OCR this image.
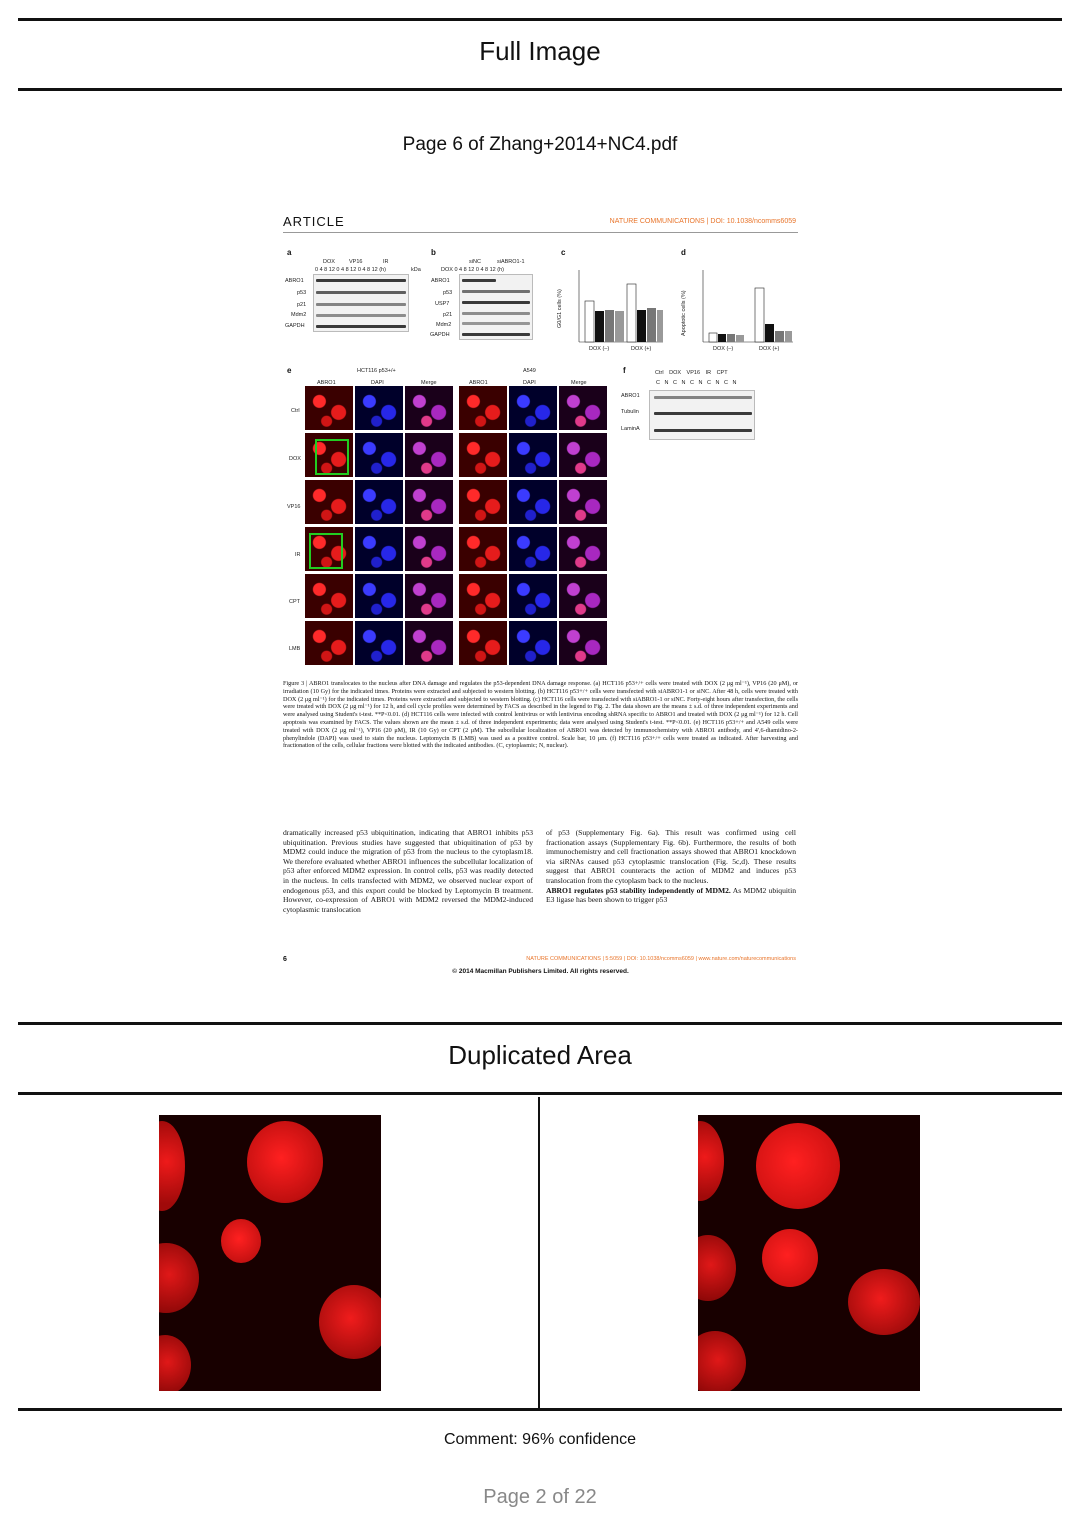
Full Image
Page 6 of Zhang+2014+NC4.pdf
ARTICLE	NATURE COMMUNICATIONS | DOI: 10.1038/ncomms6059
a
DOX	VP16	IR
0 4 8 12 0 4 8 12 0 4 8 12 (h)	kDa
ABRO1
p53
p21
Mdm2
GAPDH
b
siNC	siABRO1-1
DOX 0 4 8 12 0 4 8 12 (h)
ABRO1
p53
USP7
p21
Mdm2
GAPDH
c
G0/G1 cells (%)
DOX (–)	DOX (+)
d
Apoptotic cells (%)
DOX (–)	DOX (+)
e	HCT116 p53+/+	A549
ABRO1	DAPI	Merge	ABRO1	DAPI	Merge
Ctrl
DOX
VP16
IR
CPT
LMB
f	Ctrl DOX VP16 IR CPT
C N C N C N C N C N
ABRO1
Tubulin
LaminA
Figure 3 | ABRO1 translocates to the nucleus after DNA damage and regulates the p53-dependent DNA damage response. (a) HCT116 p53+/+ cells were treated with DOX (2 μg ml⁻¹), VP16 (20 μM), or irradiation (10 Gy) for the indicated times. Proteins were extracted and subjected to western blotting. (b) HCT116 p53+/+ cells were transfected with siABRO1-1 or siNC. After 48 h, cells were treated with DOX (2 μg ml⁻¹) for the indicated times. Proteins were extracted and subjected to western blotting. (c) HCT116 cells were transfected with siABRO1-1 or siNC. Forty-eight hours after transfection, the cells were treated with DOX (2 μg ml⁻¹) for 12 h, and cell cycle profiles were determined by FACS as described in the legend to Fig. 2. The data shown are the means ± s.d. of three independent experiments and were analysed using Student's t-test. **P<0.01. (d) HCT116 cells were infected with control lentivirus or with lentivirus encoding shRNA specific to ABRO1 and treated with DOX (2 μg ml⁻¹) for 12 h. Cell apoptosis was examined by FACS. The values shown are the mean ± s.d. of three independent experiments; data were analysed using Student's t-test. **P<0.01. (e) HCT116 p53+/+ and A549 cells were treated with DOX (2 μg ml⁻¹), VP16 (20 μM), IR (10 Gy) or CPT (2 μM). The subcellular localization of ABRO1 was detected by immunochemistry with ABRO1 antibody, and 4',6-diamidino-2-phenylindole (DAPI) was used to stain the nucleus. Leptomycin B (LMB) was used as a positive control. Scale bar, 10 μm. (f) HCT116 p53+/+ cells were treated as indicated. After harvesting and fractionation of the cells, cellular fractions were blotted with the indicated antibodies. (C, cytoplasmic; N, nuclear).
dramatically increased p53 ubiquitination, indicating that ABRO1 inhibits p53 ubiquitination. Previous studies have suggested that ubiquitination of p53 by MDM2 could induce the migration of p53 from the nucleus to the cytoplasm18. We therefore evaluated whether ABRO1 influences the subcellular localization of p53 after enforced MDM2 expression. In control cells, p53 was readily detected in the nucleus. In cells transfected with MDM2, we observed nuclear export of endogenous p53, and this export could be blocked by Leptomycin B treatment. However, co-expression of ABRO1 with MDM2 reversed the MDM2-induced cytoplasmic translocation
of p53 (Supplementary Fig. 6a). This result was confirmed using cell fractionation assays (Supplementary Fig. 6b). Furthermore, the results of both immunochemistry and cell fractionation assays showed that ABRO1 knockdown via siRNAs caused p53 cytoplasmic translocation (Fig. 5c,d). These results suggest that ABRO1 counteracts the action of MDM2 and induces p53 translocation from the cytoplasm back to the nucleus.
ABRO1 regulates p53 stability independently of MDM2. As MDM2 ubiquitin E3 ligase has been shown to trigger p53
6	NATURE COMMUNICATIONS | 5:5059 | DOI: 10.1038/ncomms6059 | www.nature.com/naturecommunications
© 2014 Macmillan Publishers Limited. All rights reserved.
Duplicated Area
Comment: 96% confidence
Page 2 of 22
